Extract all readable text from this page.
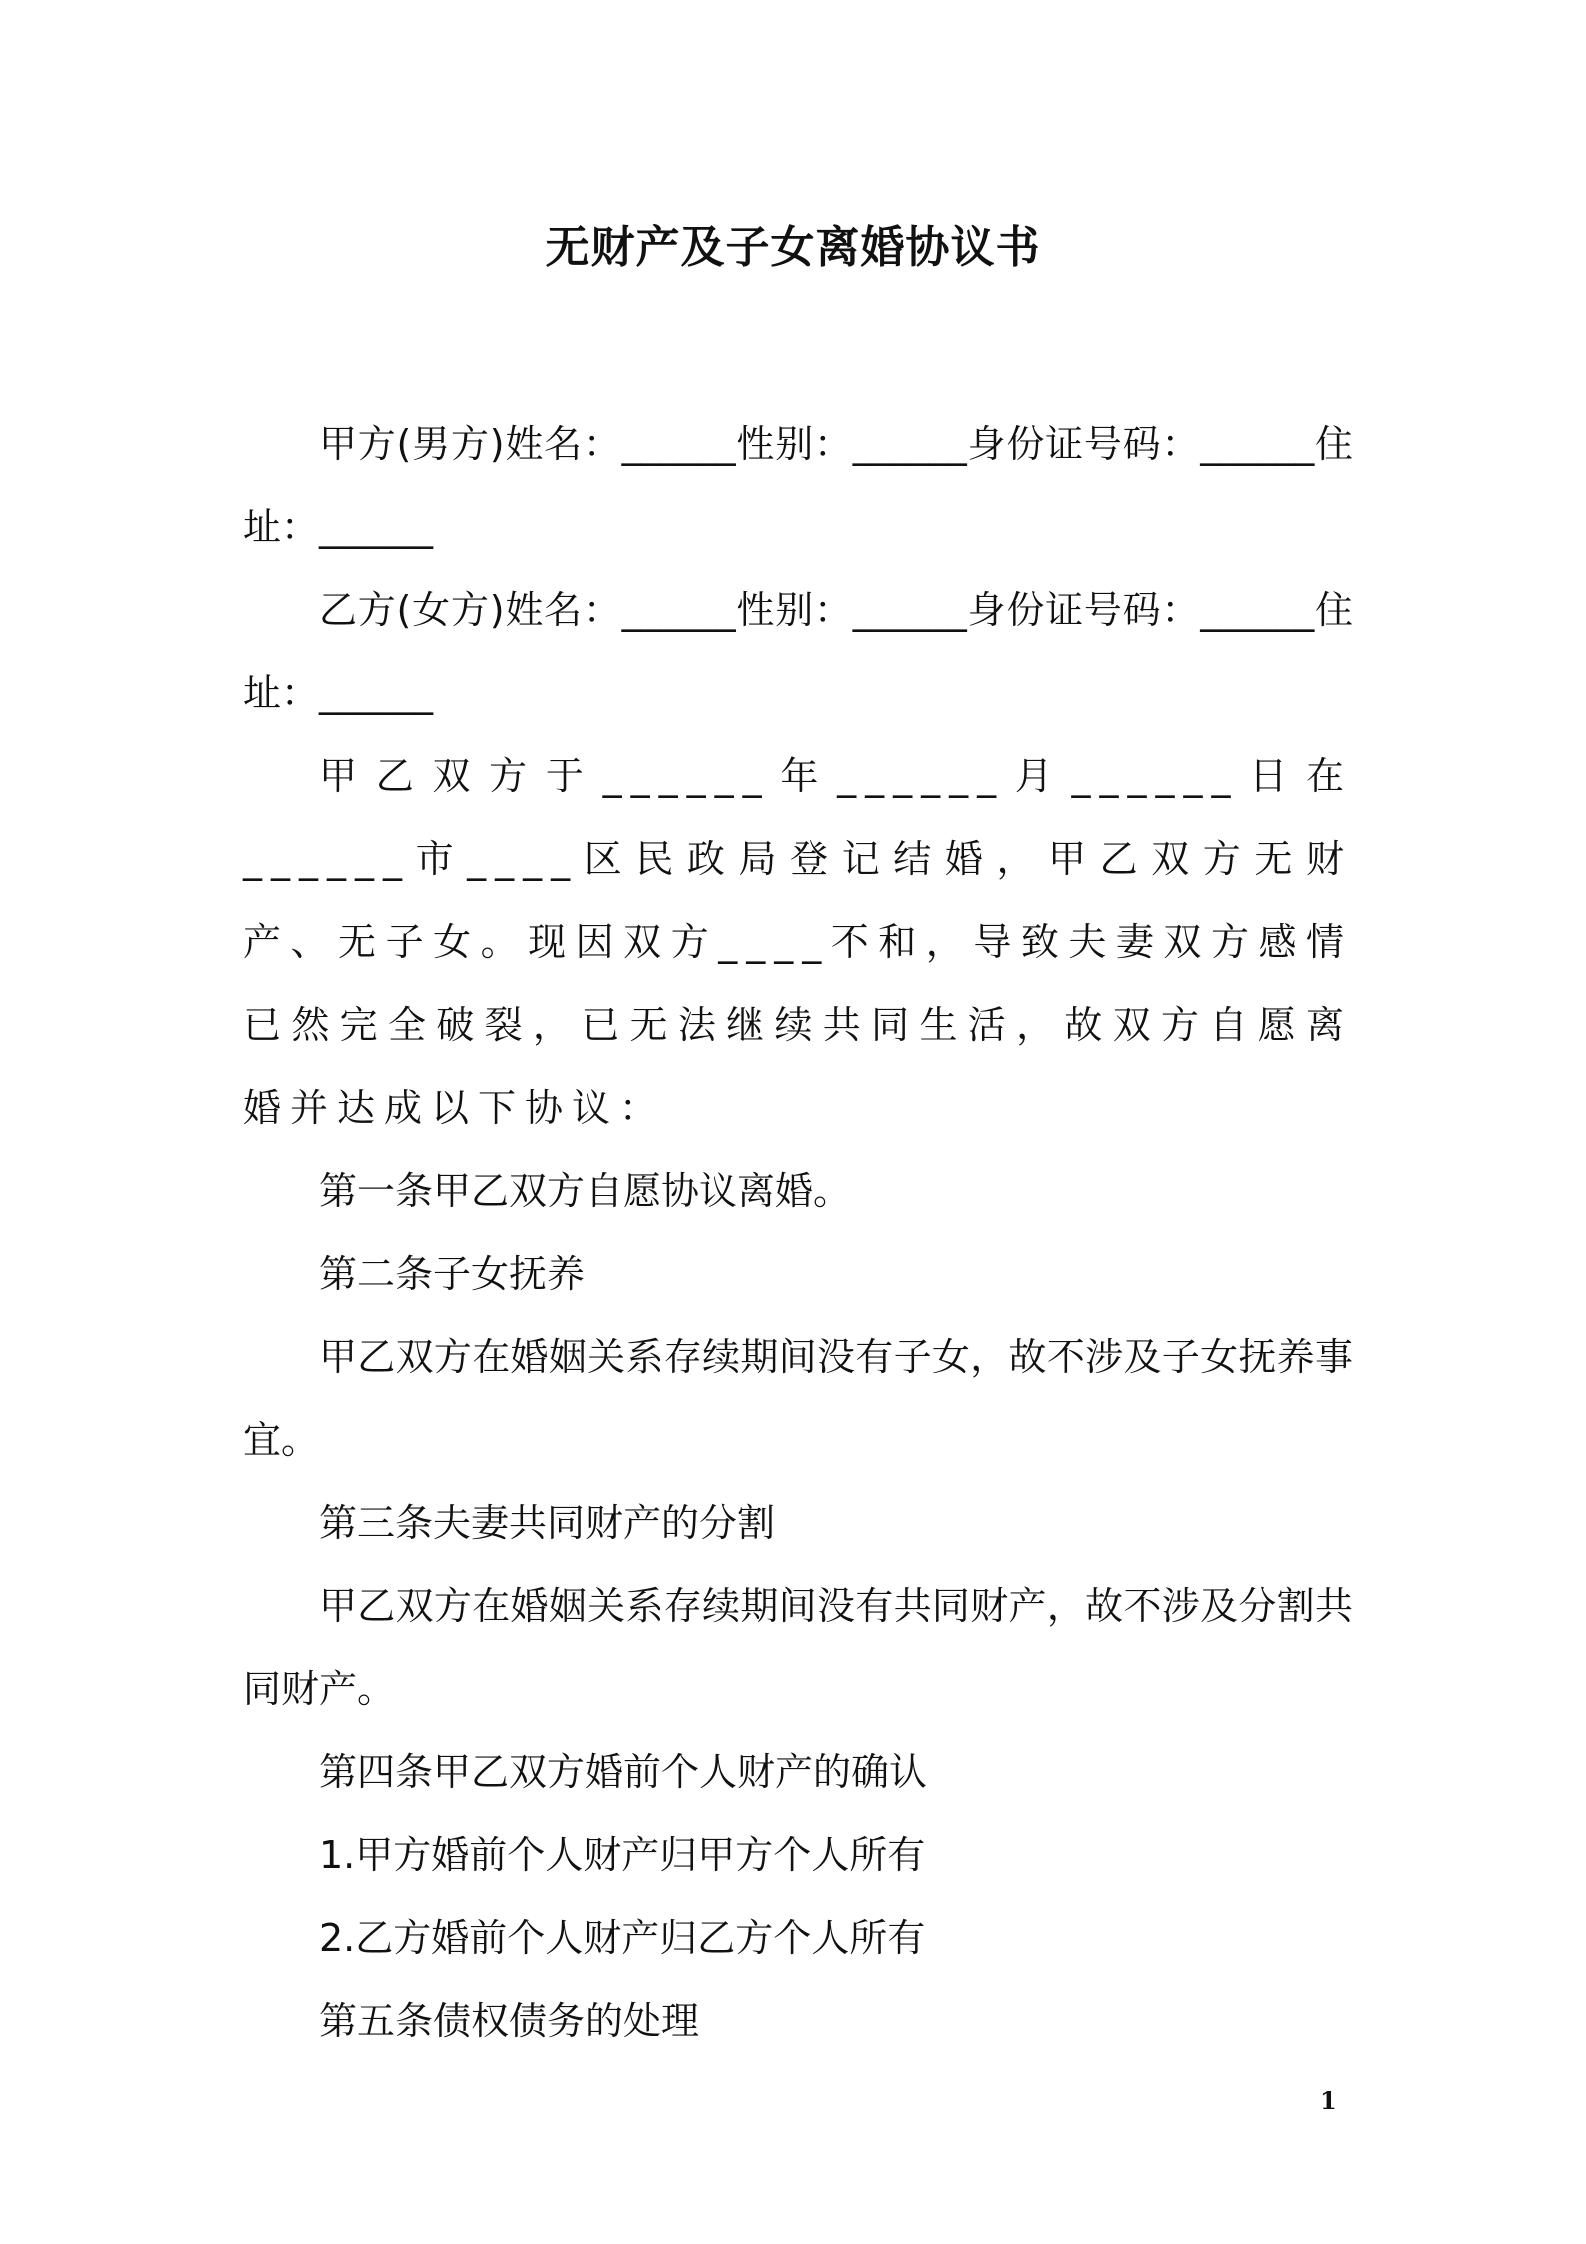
无财产及子女离婚协议书

甲方(男方)姓名：______性别：______身份证号码：______住址：______

乙方(女方)姓名：______性别：______身份证号码：______住址：______

甲乙双方于______年______月______日在______市____区民政局登记结婚，甲乙双方无财产、无子女。现因双方____不和，导致夫妻双方感情已然完全破裂，已无法继续共同生活，故双方自愿离婚并达成以下协议：

第一条甲乙双方自愿协议离婚。

第二条子女抚养

甲乙双方在婚姻关系存续期间没有子女，故不涉及子女抚养事宜。

第三条夫妻共同财产的分割

甲乙双方在婚姻关系存续期间没有共同财产，故不涉及分割共同财产。

第四条甲乙双方婚前个人财产的确认

1.甲方婚前个人财产归甲方个人所有

2.乙方婚前个人财产归乙方个人所有

第五条债权债务的处理

1
